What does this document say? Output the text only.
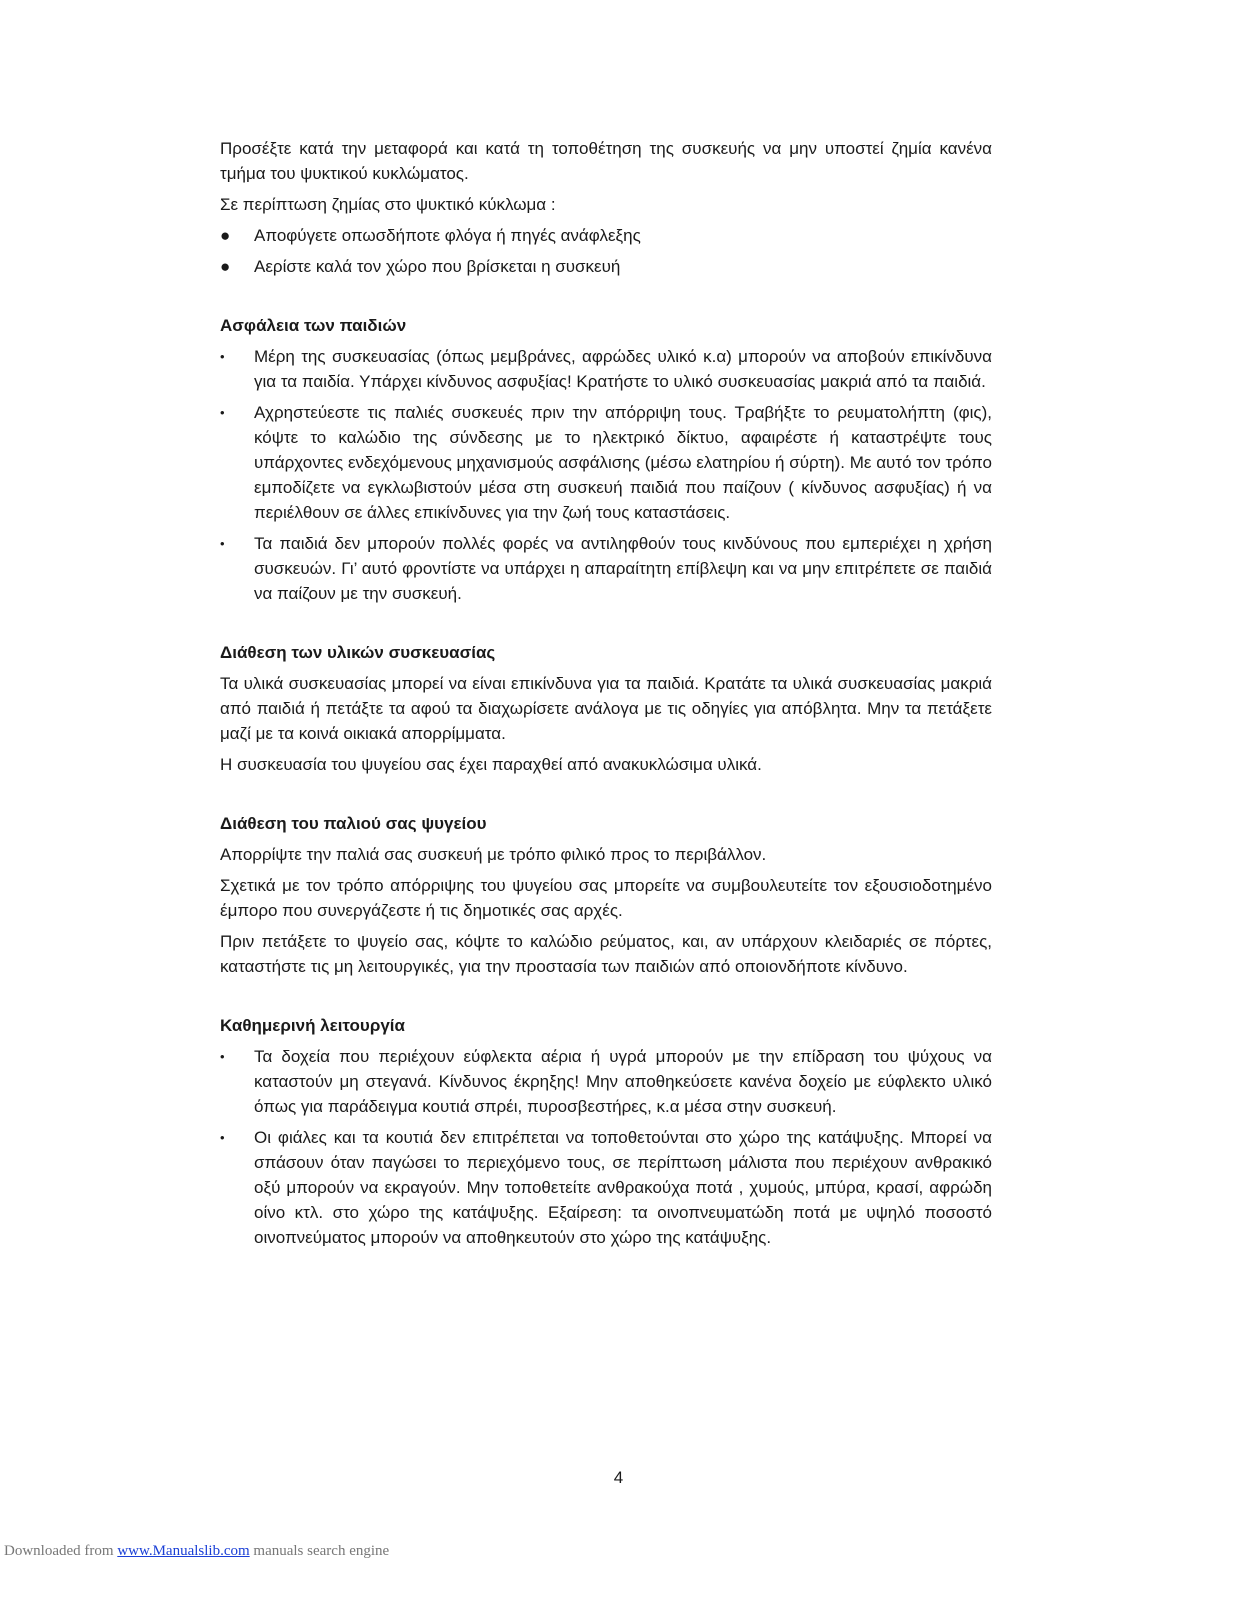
Προσέξτε κατά την μεταφορά και κατά τη τοποθέτηση της συσκευής να μην υποστεί ζημία κανένα τμήμα του ψυκτικού κυκλώματος.

Σε περίπτωση ζημίας στο ψυκτικό κύκλωμα :

●	Αποφύγετε οπωσδήποτε φλόγα ή πηγές ανάφλεξης
●	Αερίστε καλά τον χώρο που βρίσκεται η συσκευή
Ασφάλεια των παιδιών
•	Μέρη της συσκευασίας (όπως μεμβράνες, αφρώδες υλικό κ.α) μπορούν να αποβούν επικίνδυνα για τα παιδία. Υπάρχει κίνδυνος ασφυξίας! Κρατήστε το υλικό συσκευασίας μακριά από τα παιδιά.
•	Αχρηστεύεστε τις παλιές συσκευές πριν την απόρριψη τους. Τραβήξτε το ρευματολήπτη (φις), κόψτε το καλώδιο της σύνδεσης με το ηλεκτρικό δίκτυο, αφαιρέστε ή καταστρέψτε τους υπάρχοντες ενδεχόμενους μηχανισμούς ασφάλισης (μέσω ελατηρίου ή σύρτη). Με αυτό τον τρόπο εμποδίζετε να εγκλωβιστούν μέσα στη συσκευή παιδιά που παίζουν ( κίνδυνος ασφυξίας) ή να περιέλθουν σε άλλες επικίνδυνες για την ζωή τους καταστάσεις.
•	Τα παιδιά δεν μπορούν πολλές φορές να αντιληφθούν τους κινδύνους που εμπεριέχει η χρήση συσκευών. Γι’ αυτό φροντίστε να υπάρχει η απαραίτητη επίβλεψη και να μην επιτρέπετε σε παιδιά να παίζουν με την συσκευή.
Διάθεση των υλικών συσκευασίας

Τα υλικά συσκευασίας μπορεί να είναι επικίνδυνα για τα παιδιά. Κρατάτε τα υλικά συσκευασίας μακριά από παιδιά ή πετάξτε τα αφού τα διαχωρίσετε ανάλογα με τις οδηγίες για απόβλητα. Μην τα πετάξετε μαζί με τα κοινά οικιακά απορρίμματα.

Η συσκευασία του ψυγείου σας έχει παραχθεί από ανακυκλώσιμα υλικά.

Διάθεση του παλιού σας ψυγείου

Απορρίψτε την παλιά σας συσκευή με τρόπο φιλικό προς το περιβάλλον.

Σχετικά με τον τρόπο απόρριψης του ψυγείου σας μπορείτε να συμβουλευτείτε τον εξουσιοδοτημένο έμπορο που συνεργάζεστε ή τις δημοτικές σας αρχές.

Πριν πετάξετε το ψυγείο σας, κόψτε το καλώδιο ρεύματος, και, αν υπάρχουν κλειδαριές σε πόρτες, καταστήστε τις μη λειτουργικές, για την προστασία των παιδιών από οποιονδήποτε κίνδυνο.

Καθημερινή λειτουργία
•	Τα δοχεία που περιέχουν εύφλεκτα αέρια ή υγρά μπορούν με την επίδραση του ψύχους να καταστούν μη στεγανά. Κίνδυνος έκρηξης! Μην αποθηκεύσετε κανένα δοχείο με εύφλεκτο υλικό όπως για παράδειγμα κουτιά σπρέι, πυροσβεστήρες, κ.α μέσα στην συσκευή.
•	Οι φιάλες και τα κουτιά δεν επιτρέπεται να τοποθετούνται στο χώρο της κατάψυξης. Μπορεί να σπάσουν όταν παγώσει το περιεχόμενο τους, σε περίπτωση μάλιστα που περιέχουν ανθρακικό οξύ μπορούν να εκραγούν. Μην τοποθετείτε ανθρακούχα ποτά , χυμούς, μπύρα, κρασί, αφρώδη οίνο κτλ. στο χώρο της κατάψυξης. Εξαίρεση: τα οινοπνευματώδη ποτά με υψηλό ποσοστό οινοπνεύματος μπορούν να αποθηκευτούν στο χώρο της κατάψυξης.
4
Downloaded from www.Manualslib.com manuals search engine
